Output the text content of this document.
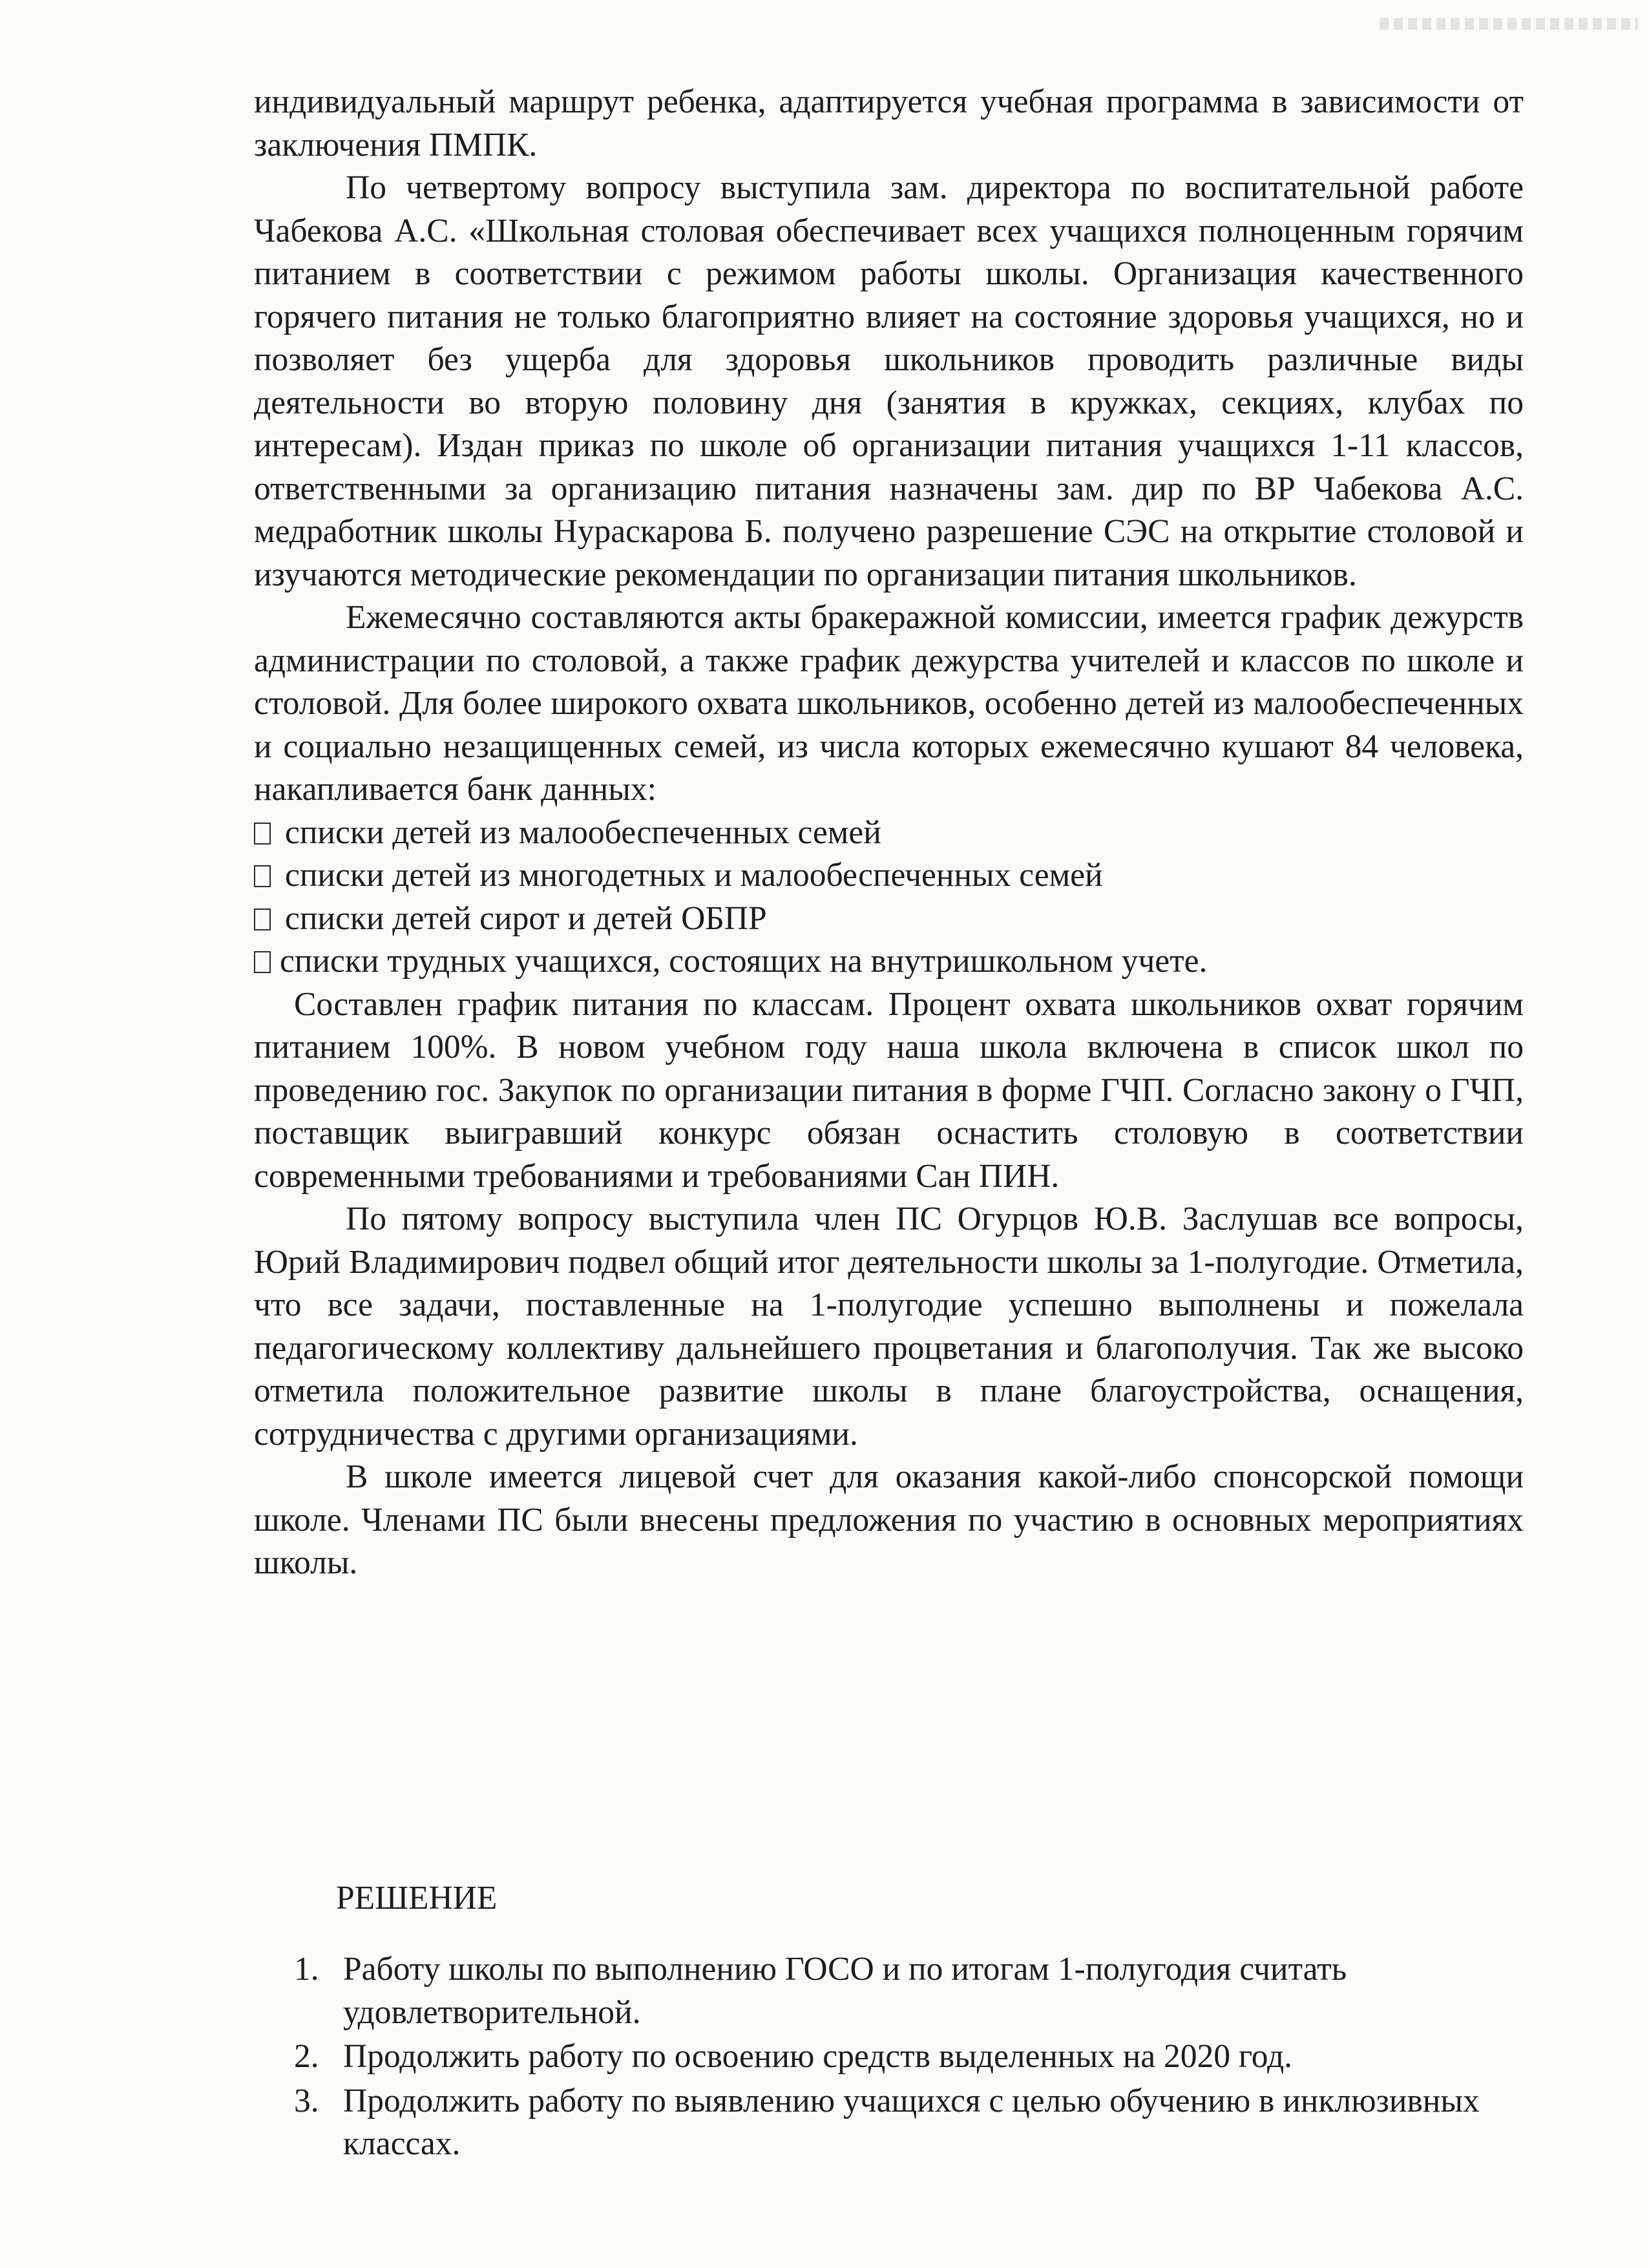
индивидуальный маршрут ребенка, адаптируется учебная программа в зависимости от заключения ПМПК.

По четвертому вопросу выступила зам. директора по воспитательной работе Чабекова А.С. «Школьная столовая обеспечивает всех учащихся полноценным горячим питанием в соответствии с режимом работы школы. Организация качественного горячего питания не только благоприятно влияет на состояние здоровья учащихся, но и позволяет без ущерба для здоровья школьников проводить различные виды деятельности во вторую половину дня (занятия в кружках, секциях, клубах по интересам). Издан приказ по школе об организации питания учащихся 1-11 классов, ответственными за организацию питания назначены зам. дир по ВР Чабекова А.С. медработник школы Нураскарова Б. получено разрешение СЭС на открытие столовой и изучаются методические рекомендации по организации питания школьников.

Ежемесячно составляются акты бракеражной комиссии, имеется график дежурств администрации по столовой, а также график дежурства учителей и классов по школе и столовой. Для более широкого охвата школьников, особенно детей из малообеспеченных и социально незащищенных семей, из числа которых ежемесячно кушают 84 человека, накапливается банк данных:

списки детей из малообеспеченных семей
списки детей из многодетных и малообеспеченных семей
списки детей сирот и детей ОБПР
списки трудных учащихся, состоящих на внутришкольном учете.

Составлен график питания по классам. Процент охвата школьников охват горячим питанием 100%. В новом учебном году наша школа включена в список школ по проведению гос. Закупок по организации питания в форме ГЧП. Согласно закону о ГЧП, поставщик выигравший конкурс обязан оснастить столовую в соответствии современными требованиями и требованиями Сан ПИН.

По пятому вопросу выступила член ПС Огурцов Ю.В. Заслушав все вопросы, Юрий Владимирович подвел общий итог деятельности школы за 1-полугодие. Отметила, что все задачи, поставленные на 1-полугодие успешно выполнены и пожелала педагогическому коллективу дальнейшего процветания и благополучия. Так же высоко отметила положительное развитие школы в плане благоустройства, оснащения, сотрудничества с другими организациями.

В школе имеется лицевой счет для оказания какой-либо спонсорской помощи школе. Членами ПС были внесены предложения по участию в основных мероприятиях школы.

РЕШЕНИЕ
1. Работу школы по выполнению ГОСО и по итогам 1-полугодия считать удовлетворительной.
2. Продолжить работу по освоению средств выделенных на 2020 год.
3. Продолжить работу по выявлению учащихся с целью обучению в инклюзивных классах.
